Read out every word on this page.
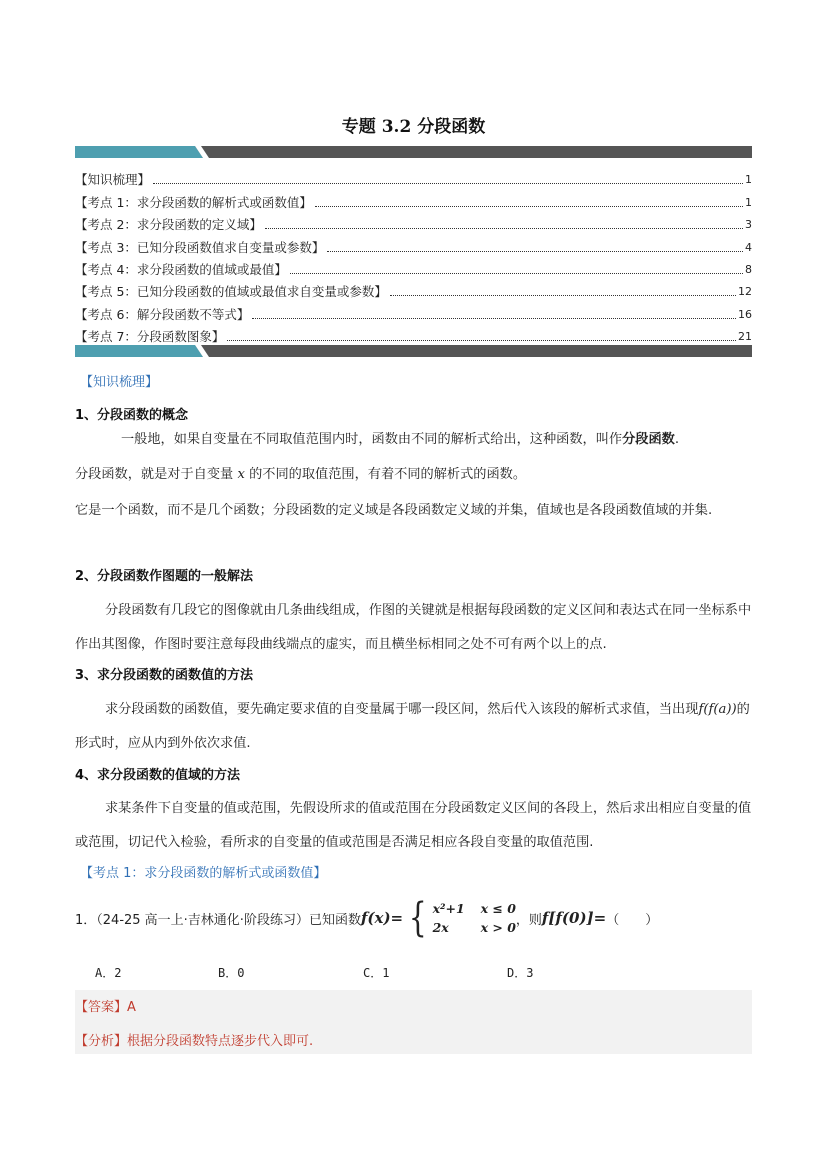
专题 3.2 分段函数
【知识梳理】	1
【考点 1：求分段函数的解析式或函数值】	1
【考点 2：求分段函数的定义域】	3
【考点 3：已知分段函数值求自变量或参数】	4
【考点 4：求分段函数的值域或最值】	8
【考点 5：已知分段函数的值域或最值求自变量或参数】	12
【考点 6：解分段函数不等式】	16
【考点 7：分段函数图象】	21
【知识梳理】
1、分段函数的概念
一般地，如果自变量在不同取值范围内时，函数由不同的解析式给出，这种函数，叫作分段函数.
分段函数，就是对于自变量 x 的不同的取值范围，有着不同的解析式的函数。
它是一个函数，而不是几个函数；分段函数的定义域是各段函数定义域的并集，值域也是各段函数值域的并集.
2、分段函数作图题的一般解法
分段函数有几段它的图像就由几条曲线组成，作图的关键就是根据每段函数的定义区间和表达式在同一坐标系中作出其图像，作图时要注意每段曲线端点的虚实，而且横坐标相同之处不可有两个以上的点.
3、求分段函数的函数值的方法
求分段函数的函数值，要先确定要求值的自变量属于哪一段区间，然后代入该段的解析式求值，当出现f(f(a))的形式时，应从内到外依次求值.
4、求分段函数的值域的方法
求某条件下自变量的值或范围，先假设所求的值或范围在分段函数定义区间的各段上，然后求出相应自变量的值或范围，切记代入检验，看所求的自变量的值或范围是否满足相应各段自变量的取值范围.
【考点 1：求分段函数的解析式或函数值】
1．（24-25 高一上·吉林通化·阶段练习）已知函数 f(x)= { x²+1 x ≤ 0
2x	x > 0 ，则 f[f(0)]= （　　）
A．2	B．0	C．1	D．3
【答案】A
【分析】根据分段函数特点逐步代入即可.
